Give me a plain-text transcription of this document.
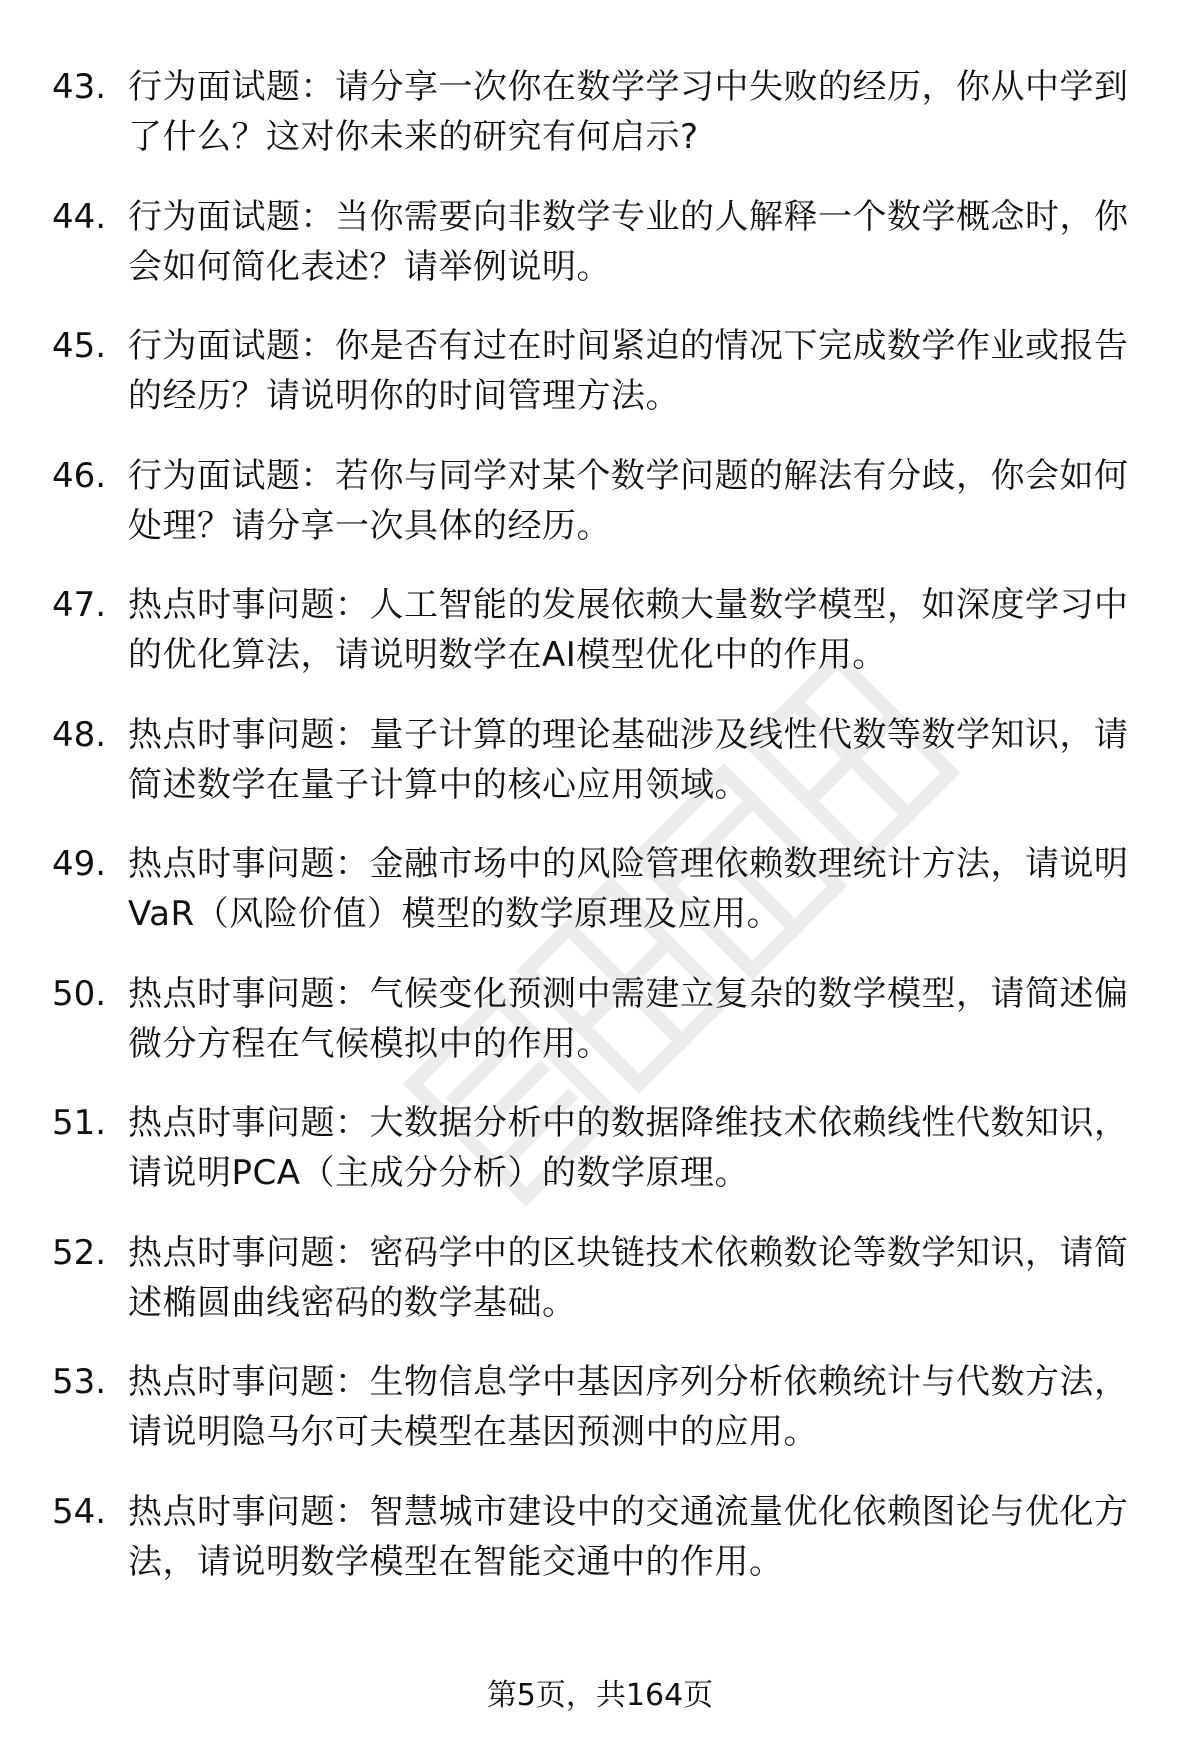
43. 行为面试题：请分享一次你在数学学习中失败的经历，你从中学到了什么？这对你未来的研究有何启示?
44. 行为面试题：当你需要向非数学专业的人解释一个数学概念时，你会如何简化表述？请举例说明。
45. 行为面试题：你是否有过在时间紧迫的情况下完成数学作业或报告的经历？请说明你的时间管理方法。
46. 行为面试题：若你与同学对某个数学问题的解法有分歧，你会如何处理？请分享一次具体的经历。
47. 热点时事问题：人工智能的发展依赖大量数学模型，如深度学习中的优化算法，请说明数学在AI模型优化中的作用。
48. 热点时事问题：量子计算的理论基础涉及线性代数等数学知识，请简述数学在量子计算中的核心应用领域。
49. 热点时事问题：金融市场中的风险管理依赖数理统计方法，请说明VaR（风险价值）模型的数学原理及应用。
50. 热点时事问题：气候变化预测中需建立复杂的数学模型，请简述偏微分方程在气候模拟中的作用。
51. 热点时事问题：大数据分析中的数据降维技术依赖线性代数知识，请说明PCA（主成分分析）的数学原理。
52. 热点时事问题：密码学中的区块链技术依赖数论等数学知识，请简述椭圆曲线密码的数学基础。
53. 热点时事问题：生物信息学中基因序列分析依赖统计与代数方法，请说明隐马尔可夫模型在基因预测中的应用。
54. 热点时事问题：智慧城市建设中的交通流量优化依赖图论与优化方法，请说明数学模型在智能交通中的作用。
第5页，共164页
